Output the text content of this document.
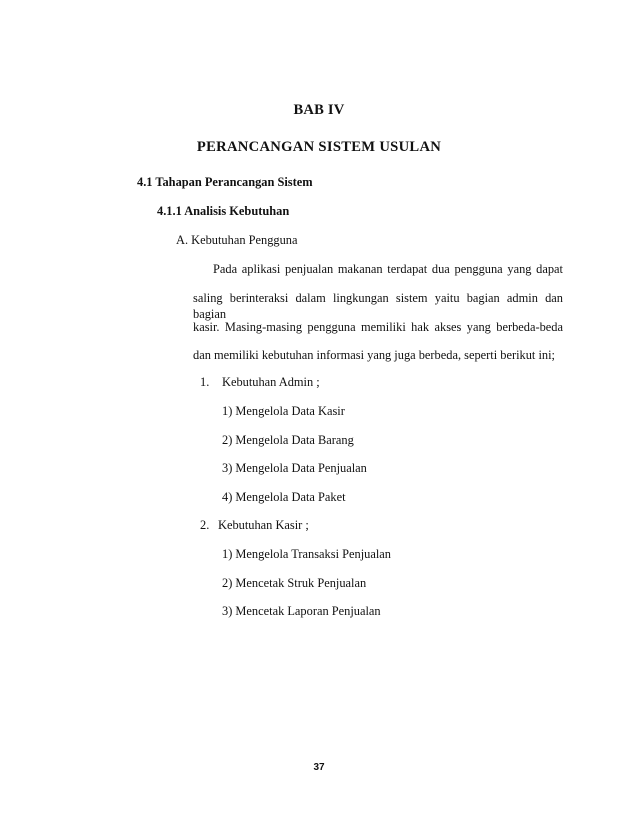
BAB IV
PERANCANGAN SISTEM USULAN
4.1 Tahapan Perancangan Sistem
4.1.1 Analisis Kebutuhan
A. Kebutuhan Pengguna
Pada aplikasi penjualan makanan terdapat dua pengguna yang dapat
saling berinteraksi dalam lingkungan sistem yaitu bagian admin dan bagian
kasir. Masing-masing pengguna memiliki hak akses yang berbeda-beda
dan memiliki kebutuhan informasi yang juga berbeda, seperti berikut ini;
1. Kebutuhan Admin ;
1) Mengelola Data Kasir
2) Mengelola Data Barang
3) Mengelola Data Penjualan
4) Mengelola Data Paket
2. Kebutuhan Kasir ;
1) Mengelola Transaksi Penjualan
2) Mencetak Struk Penjualan
3) Mencetak Laporan Penjualan
37
